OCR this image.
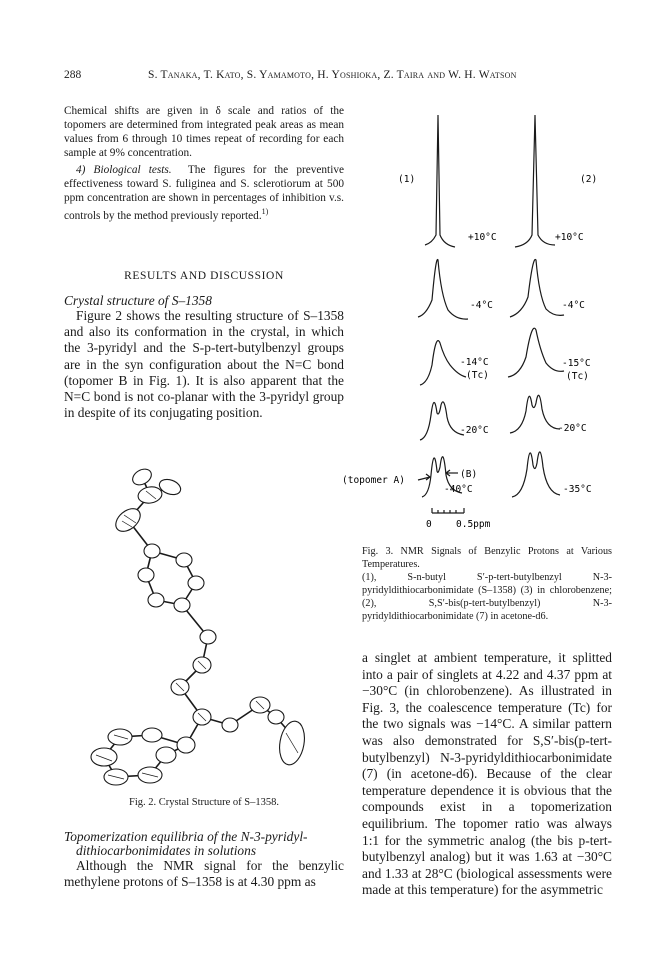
288	S. Tanaka, T. Kato, S. Yamamoto, H. Yoshioka, Z. Taira and W. H. Watson

Chemical shifts are given in δ scale and ratios of the topomers are determined from integrated peak areas as mean values from 6 through 10 times repeat of recording for each sample at 9% concentration.

4) Biological tests. The figures for the preventive effectiveness toward S. fuliginea and S. sclerotiorum at 500 ppm concentration are shown in percentages of inhibition v.s. controls by the method previously reported.$^{1)}$

RESULTS AND DISCUSSION
Crystal structure of S–1358

Figure 2 shows the resulting structure of S–1358 and also its conformation in the crystal, in which the 3-pyridyl and the S-p-tert-butylbenzyl groups are in the syn configuration about the N=C bond (topomer B in Fig. 1). It is also apparent that the N=C bond is not co-planar with the 3-pyridyl group in despite of its conjugating position.

Fig. 2. Crystal Structure of S–1358.
Topomerization equilibria of the N-3-pyridyl-
dithiocarbonimidates in solutions

Although the NMR signal for the benzylic methylene protons of S–1358 is at 4.30 ppm as

(1)	(2)
+10°C
-4°C
-14°C
(Tc)
-20°C
-40°C
+10°C
-4°C
-15°C
(Tc)
-20°C
-35°C
(topomer A)
(B)
0	0.5ppm
Fig. 3. NMR Signals of Benzylic Protons at Various Temperatures.
(1), S-n-butyl S′-p-tert-butylbenzyl N-3-pyridyldithiocarbonimidate (S–1358) (3) in chlorobenzene; (2), S,S′-bis(p-tert-butylbenzyl) N-3-pyridyldithiocarbonimidate (7) in acetone-d6.
a singlet at ambient temperature, it splitted into a pair of singlets at 4.22 and 4.37 ppm at −30°C (in chlorobenzene). As illustrated in Fig. 3, the coalescence temperature (Tc) for the two signals was −14°C. A similar pattern was also demonstrated for S,S′-bis(p-tert-butylbenzyl) N-3-pyridyldithiocarbonimidate (7) (in acetone-d6). Because of the clear temperature dependence it is obvious that the compounds exist in a topomerization equilibrium. The topomer ratio was always 1:1 for the symmetric analog (the bis p-tert-butylbenzyl analog) but it was 1.63 at −30°C and 1.33 at 28°C (biological assessments were made at this temperature) for the asymmetric
